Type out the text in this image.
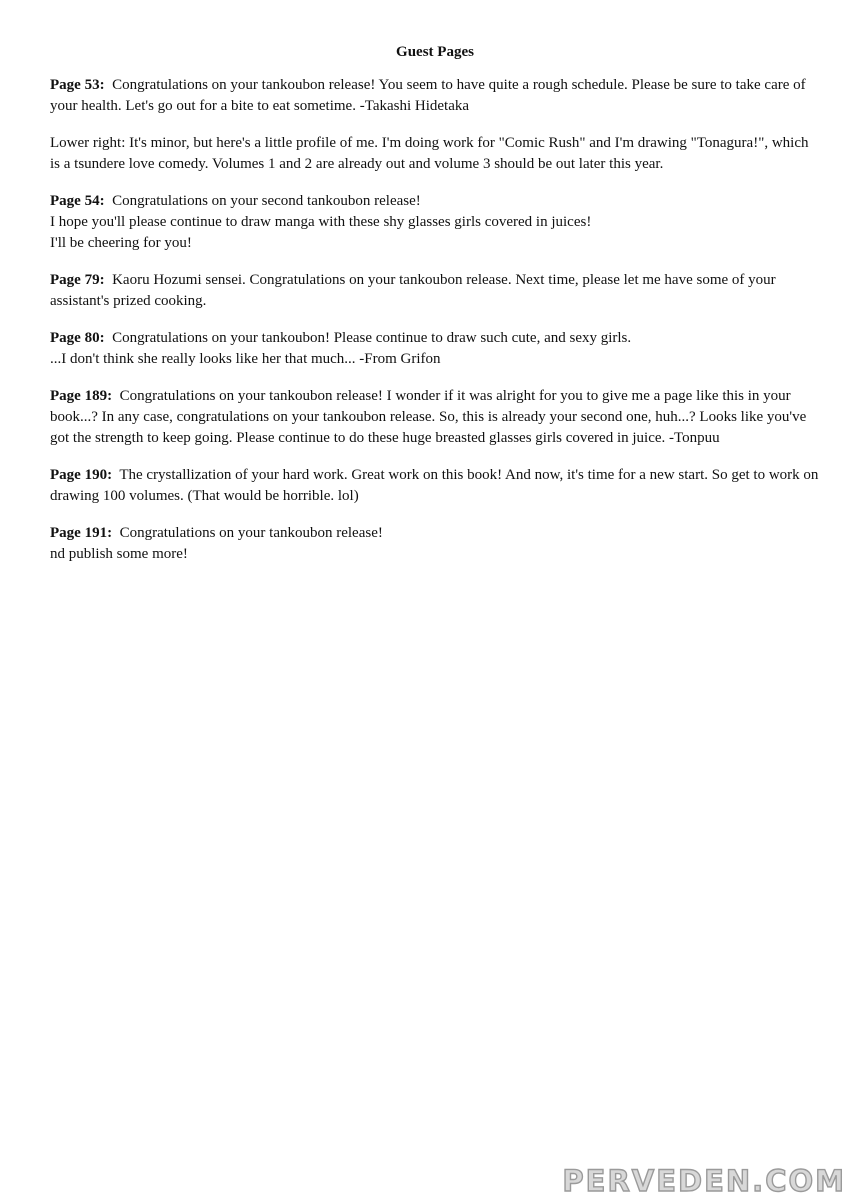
Guest Pages
Page 53: Congratulations on your tankoubon release! You seem to have quite a rough schedule. Please be sure to take care of your health. Let's go out for a bite to eat sometime. -Takashi Hidetaka
Lower right: It's minor, but here's a little profile of me. I'm doing work for "Comic Rush" and I'm drawing "Tonagura!", which is a tsundere love comedy. Volumes 1 and 2 are already out and volume 3 should be out later this year.
Page 54: Congratulations on your second tankoubon release!
I hope you'll please continue to draw manga with these shy glasses girls covered in juices!
I'll be cheering for you!
Page 79: Kaoru Hozumi sensei. Congratulations on your tankoubon release. Next time, please let me have some of your assistant's prized cooking.
Page 80: Congratulations on your tankoubon! Please continue to draw such cute, and sexy girls.
...I don't think she really looks like her that much... -From Grifon
Page 189: Congratulations on your tankoubon release! I wonder if it was alright for you to give me a page like this in your book...? In any case, congratulations on your tankoubon release. So, this is already your second one, huh...? Looks like you've got the strength to keep going. Please continue to do these huge breasted glasses girls covered in juice. -Tonpuu
Page 190: The crystallization of your hard work. Great work on this book! And now, it's time for a new start. So get to work on drawing 100 volumes. (That would be horrible. lol)
Page 191: Congratulations on your tankoubon release!
nd publish some more!
PERVEDEN.COM
